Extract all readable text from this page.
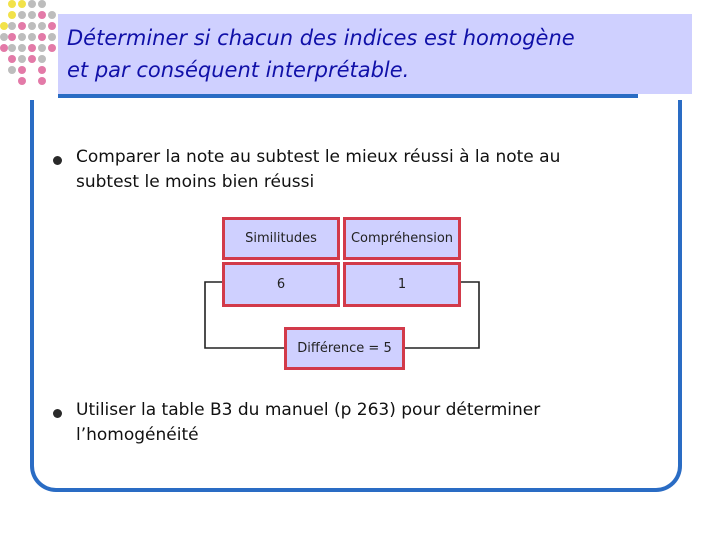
Déterminer si chacun des indices est homogène
et par conséquent interprétable.
Comparer la note au subtest le mieux réussi à la note au
subtest le moins bien réussi
Similitudes	Compréhension
6	1
Différence = 5
Utiliser la table B3 du manuel (p 263) pour déterminer
l’homogénéité
